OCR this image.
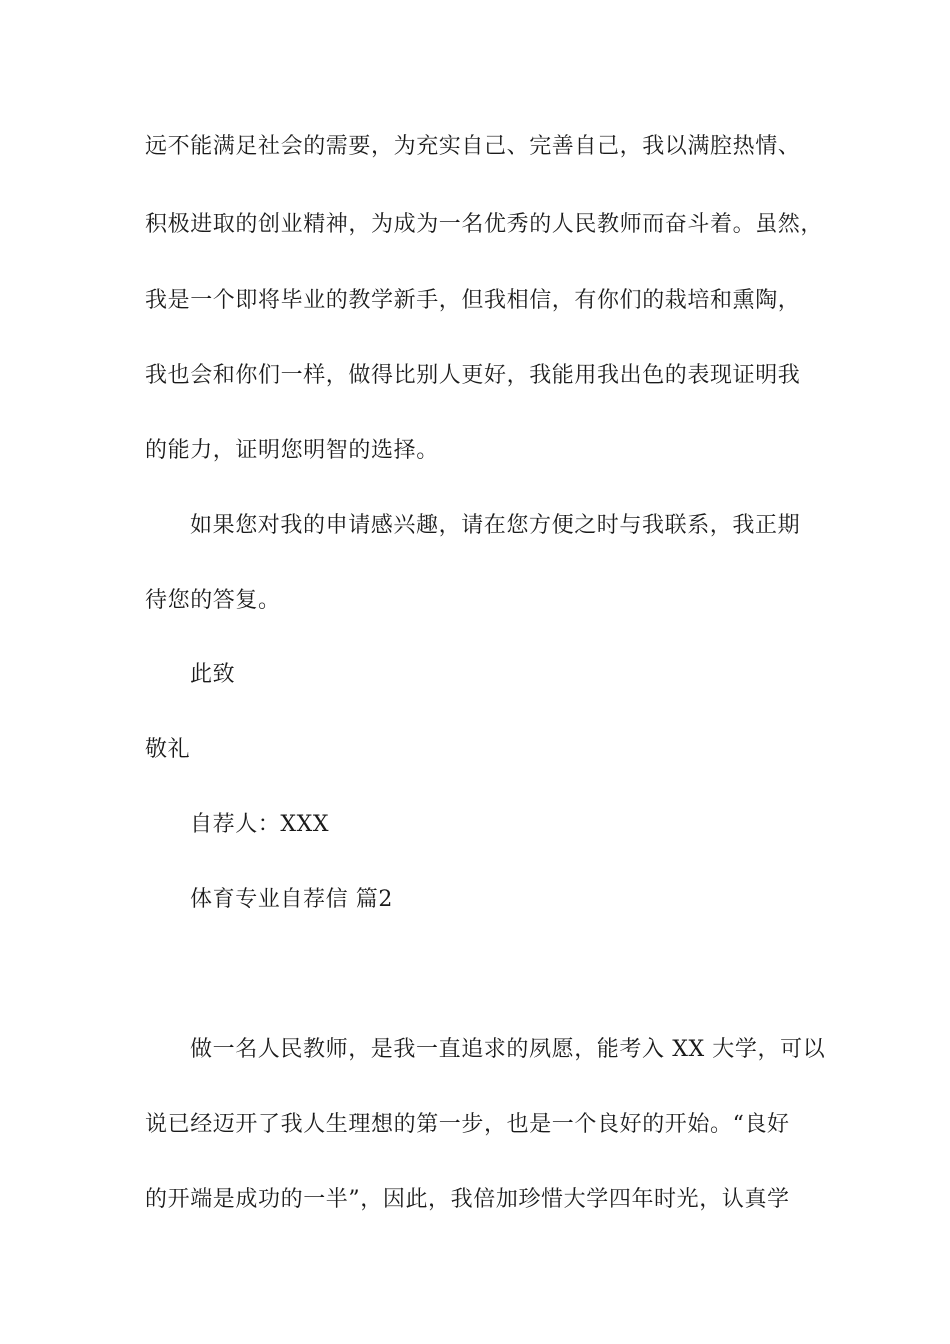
远不能满足社会的需要，为充实自己、完善自己，我以满腔热情、
积极进取的创业精神，为成为一名优秀的人民教师而奋斗着。虽然，
我是一个即将毕业的教学新手，但我相信，有你们的栽培和熏陶，
我也会和你们一样，做得比别人更好，我能用我出色的表现证明我
的能力，证明您明智的选择。
如果您对我的申请感兴趣，请在您方便之时与我联系，我正期
待您的答复。
此致
敬礼
自荐人：XXX
体育专业自荐信 篇2
做一名人民教师，是我一直追求的夙愿，能考入 XX 大学，可以
说已经迈开了我人生理想的第一步，也是一个良好的开始。“良好
的开端是成功的一半”，因此，我倍加珍惜大学四年时光，认真学
